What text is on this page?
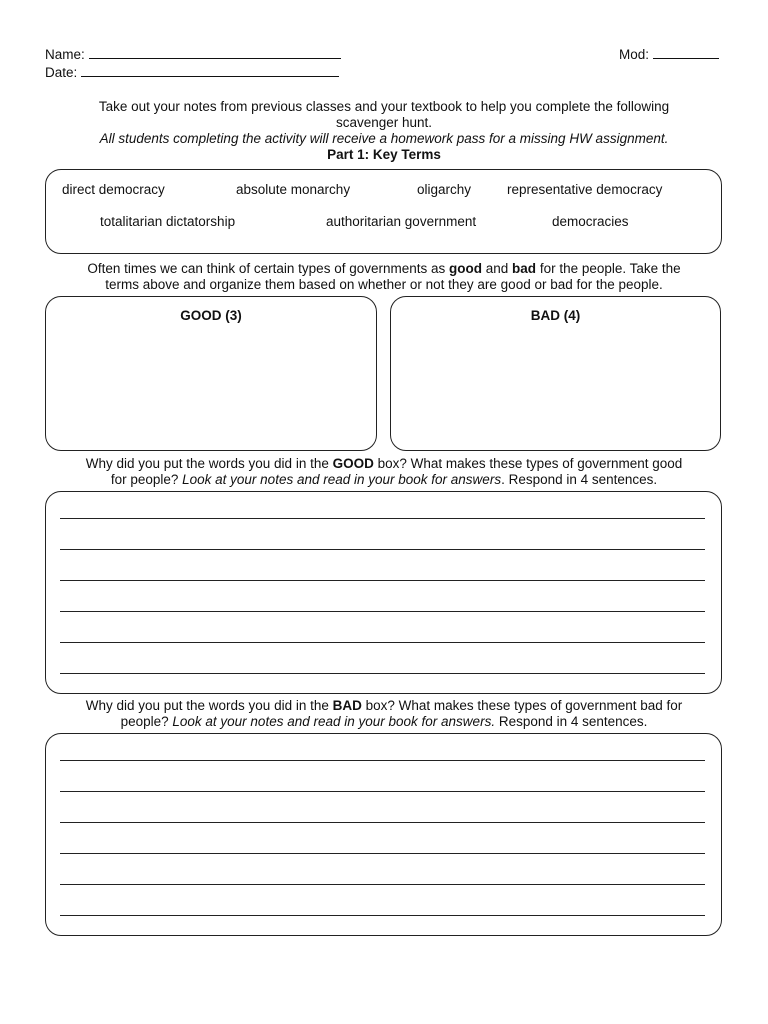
Name:
Date:
Mod:
Take out your notes from previous classes and your textbook to help you complete the following
scavenger hunt.
All students completing the activity will receive a homework pass for a missing HW assignment.
Part 1: Key Terms
direct democracy	absolute monarchy	oligarchy	representative democracy
totalitarian dictatorship	authoritarian government	democracies
Often times we can think of certain types of governments as good and bad for the people. Take the
terms above and organize them based on whether or not they are good or bad for the people.
GOOD (3)	BAD (4)
Why did you put the words you did in the GOOD box? What makes these types of government good
for people? Look at your notes and read in your book for answers. Respond in 4 sentences.
Why did you put the words you did in the BAD box? What makes these types of government bad for
people? Look at your notes and read in your book for answers. Respond in 4 sentences.
